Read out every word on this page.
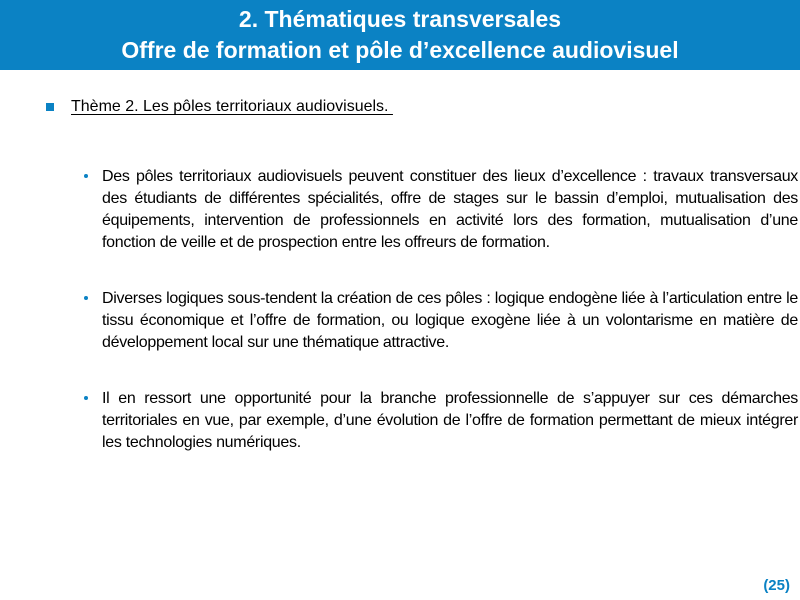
2. Thématiques transversales
Offre de formation et pôle d’excellence audiovisuel
Thème 2. Les pôles territoriaux audiovisuels.
Des pôles territoriaux audiovisuels peuvent constituer des lieux d’excellence : travaux transversaux des étudiants de différentes spécialités, offre de stages sur le bassin d’emploi, mutualisation des équipements, intervention de professionnels en activité lors des formation, mutualisation d’une fonction de veille et de prospection entre les offreurs de formation.
Diverses logiques sous-tendent la création de ces pôles : logique endogène liée à l’articulation entre le tissu économique et l’offre de formation, ou logique exogène liée à un volontarisme en matière de développement local sur une thématique attractive.
Il en ressort une opportunité pour la branche professionnelle de s’appuyer sur ces démarches territoriales en vue, par exemple, d’une évolution de l’offre de formation permettant de mieux intégrer les technologies numériques.
(25)
